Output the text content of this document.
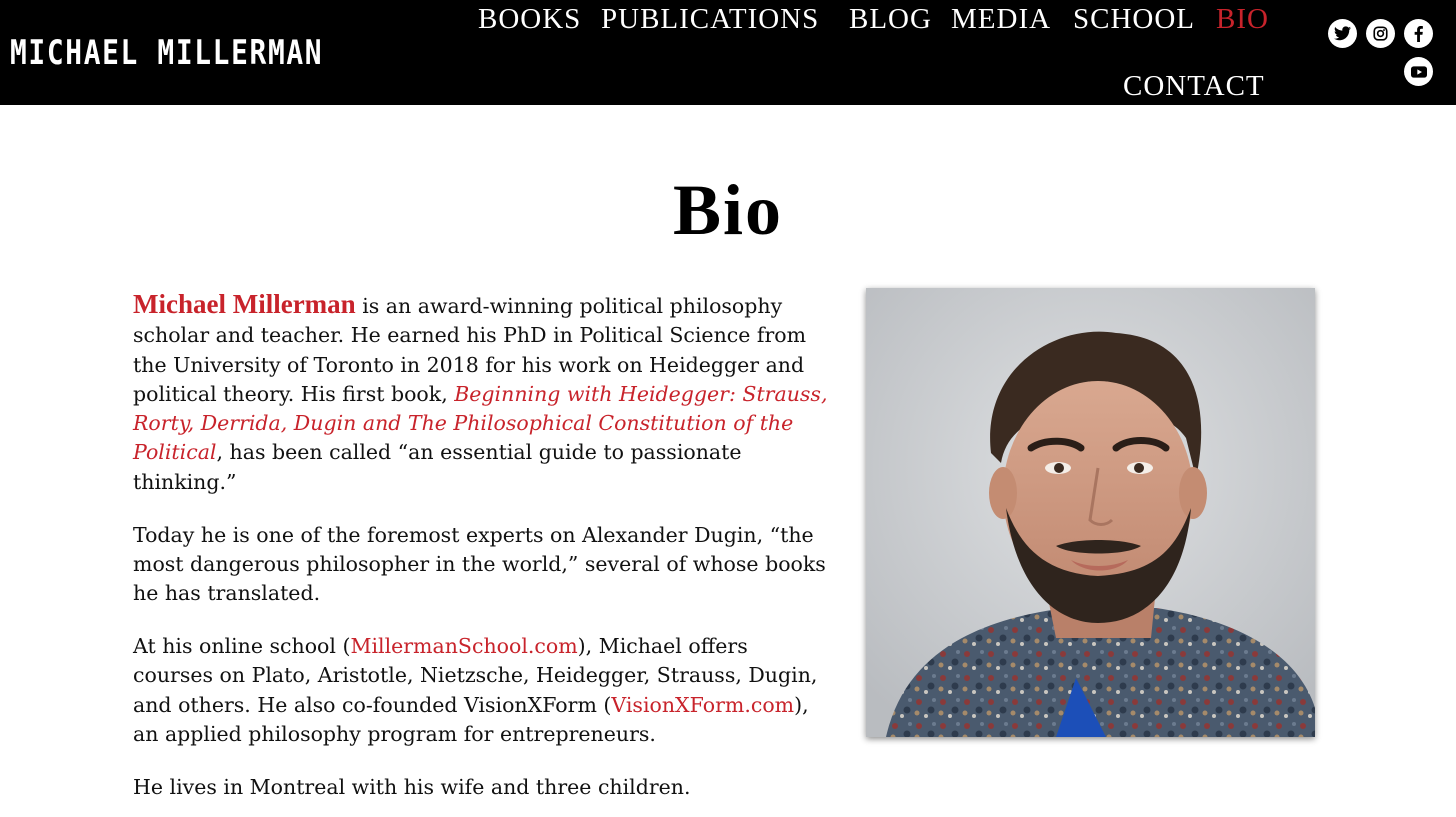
MICHAEL MILLERMAN
BOOKS PUBLICATIONS BLOG MEDIA SCHOOL BIO
CONTACT
Bio

Michael Millerman is an award-winning political philosophy scholar and teacher. He earned his PhD in Political Science from the University of Toronto in 2018 for his work on Heidegger and political theory. His first book, Beginning with Heidegger: Strauss, Rorty, Derrida, Dugin and The Philosophical Constitution of the Political, has been called “an essential guide to passionate thinking.”

Today he is one of the foremost experts on Alexander Dugin, “the most dangerous philosopher in the world,” several of whose books he has translated.

At his online school (MillermanSchool.com), Michael offers courses on Plato, Aristotle, Nietzsche, Heidegger, Strauss, Dugin, and others. He also co-founded VisionXForm (VisionXForm.com), an applied philosophy program for entrepreneurs.

He lives in Montreal with his wife and three children.
